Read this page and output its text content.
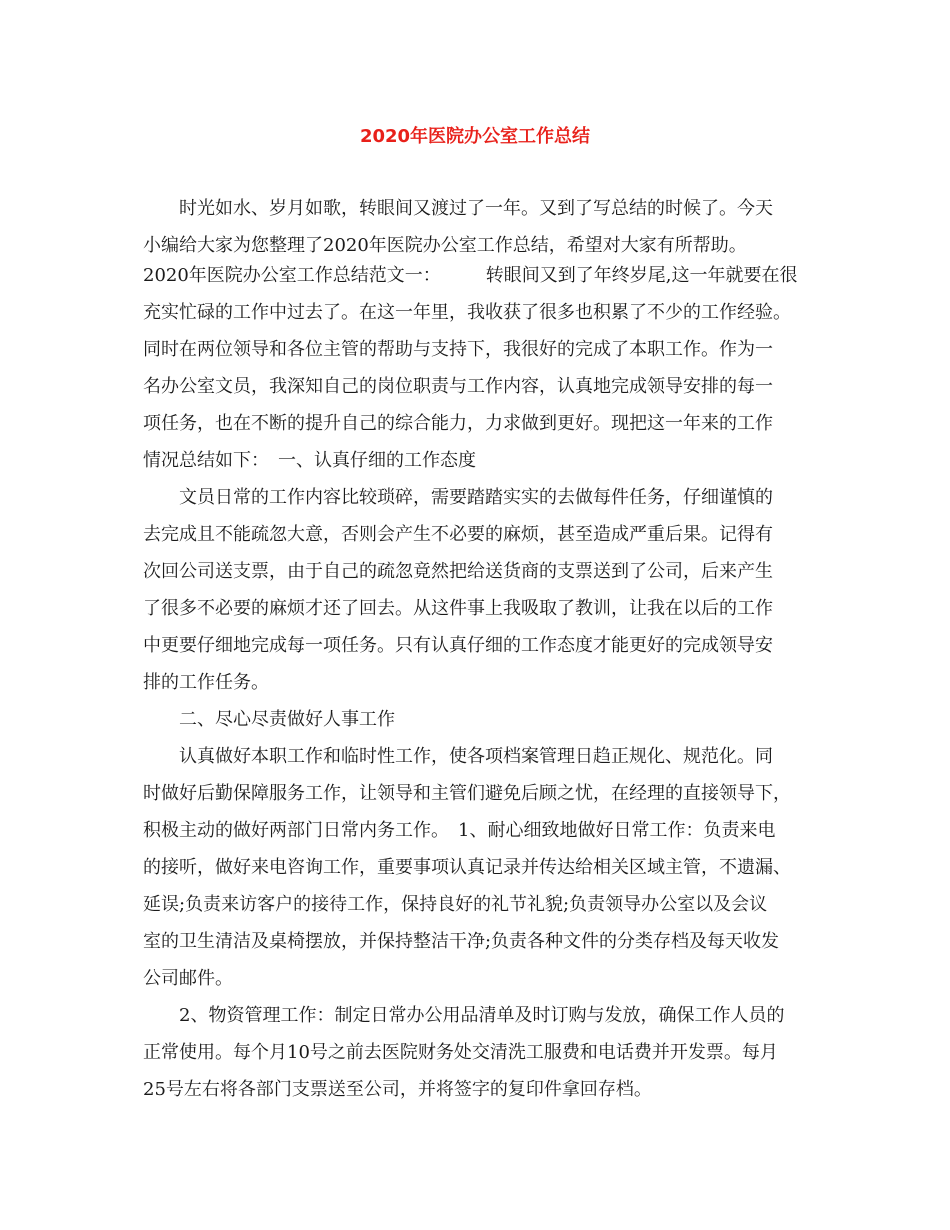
2020年医院办公室工作总结
时光如水、岁月如歌，转眼间又渡过了一年。又到了写总结的时候了。今天
小编给大家为您整理了2020年医院办公室工作总结，希望对大家有所帮助。
2020年医院办公室工作总结范文一：　　　转眼间又到了年终岁尾,这一年就要在很
充实忙碌的工作中过去了。在这一年里，我收获了很多也积累了不少的工作经验。
同时在两位领导和各位主管的帮助与支持下，我很好的完成了本职工作。作为一
名办公室文员，我深知自己的岗位职责与工作内容，认真地完成领导安排的每一
项任务，也在不断的提升自己的综合能力，力求做到更好。现把这一年来的工作
情况总结如下：　一、认真仔细的工作态度
文员日常的工作内容比较琐碎，需要踏踏实实的去做每件任务，仔细谨慎的
去完成且不能疏忽大意，否则会产生不必要的麻烦，甚至造成严重后果。记得有
次回公司送支票，由于自己的疏忽竟然把给送货商的支票送到了公司，后来产生
了很多不必要的麻烦才还了回去。从这件事上我吸取了教训，让我在以后的工作
中更要仔细地完成每一项任务。只有认真仔细的工作态度才能更好的完成领导安
排的工作任务。
二、尽心尽责做好人事工作
认真做好本职工作和临时性工作，使各项档案管理日趋正规化、规范化。同
时做好后勤保障服务工作，让领导和主管们避免后顾之忧，在经理的直接领导下，
积极主动的做好两部门日常内务工作。　1、耐心细致地做好日常工作：负责来电
的接听，做好来电咨询工作，重要事项认真记录并传达给相关区域主管，不遗漏、
延误;负责来访客户的接待工作，保持良好的礼节礼貌;负责领导办公室以及会议
室的卫生清洁及桌椅摆放，并保持整洁干净;负责各种文件的分类存档及每天收发
公司邮件。
2、物资管理工作：制定日常办公用品清单及时订购与发放，确保工作人员的
正常使用。每个月10号之前去医院财务处交清洗工服费和电话费并开发票。每月
25号左右将各部门支票送至公司，并将签字的复印件拿回存档。
